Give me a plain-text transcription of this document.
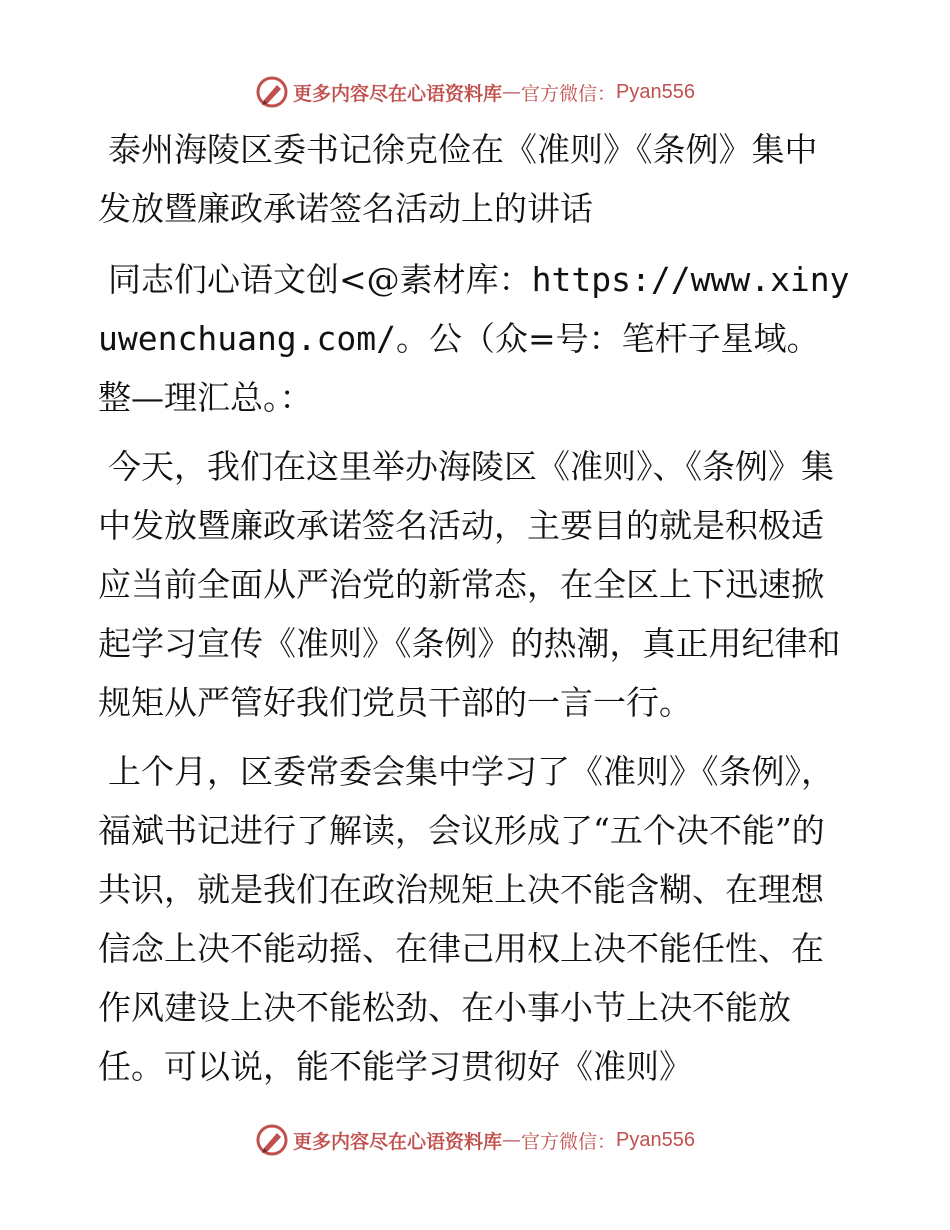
更多内容尽在心语资料库 — 官方微信： Pyan556

泰州海陵区委书记徐克俭在《准则》《条例》集中发放暨廉政承诺签名活动上的讲话

同志们心语文创<@素材库：https://www.xinyuwenchuang.com/。公（众=号：笔杆子星域。整—理汇总。：

今天，我们在这里举办海陵区《准则》、《条例》集中发放暨廉政承诺签名活动，主要目的就是积极适应当前全面从严治党的新常态，在全区上下迅速掀起学习宣传《准则》《条例》的热潮，真正用纪律和规矩从严管好我们党员干部的一言一行。

上个月，区委常委会集中学习了《准则》《条例》，福斌书记进行了解读，会议形成了“五个决不能”的共识，就是我们在政治规矩上决不能含糊、在理想信念上决不能动摇、在律己用权上决不能任性、在作风建设上决不能松劲、在小事小节上决不能放任。可以说，能不能学习贯彻好《准则》

更多内容尽在心语资料库 — 官方微信： Pyan556
